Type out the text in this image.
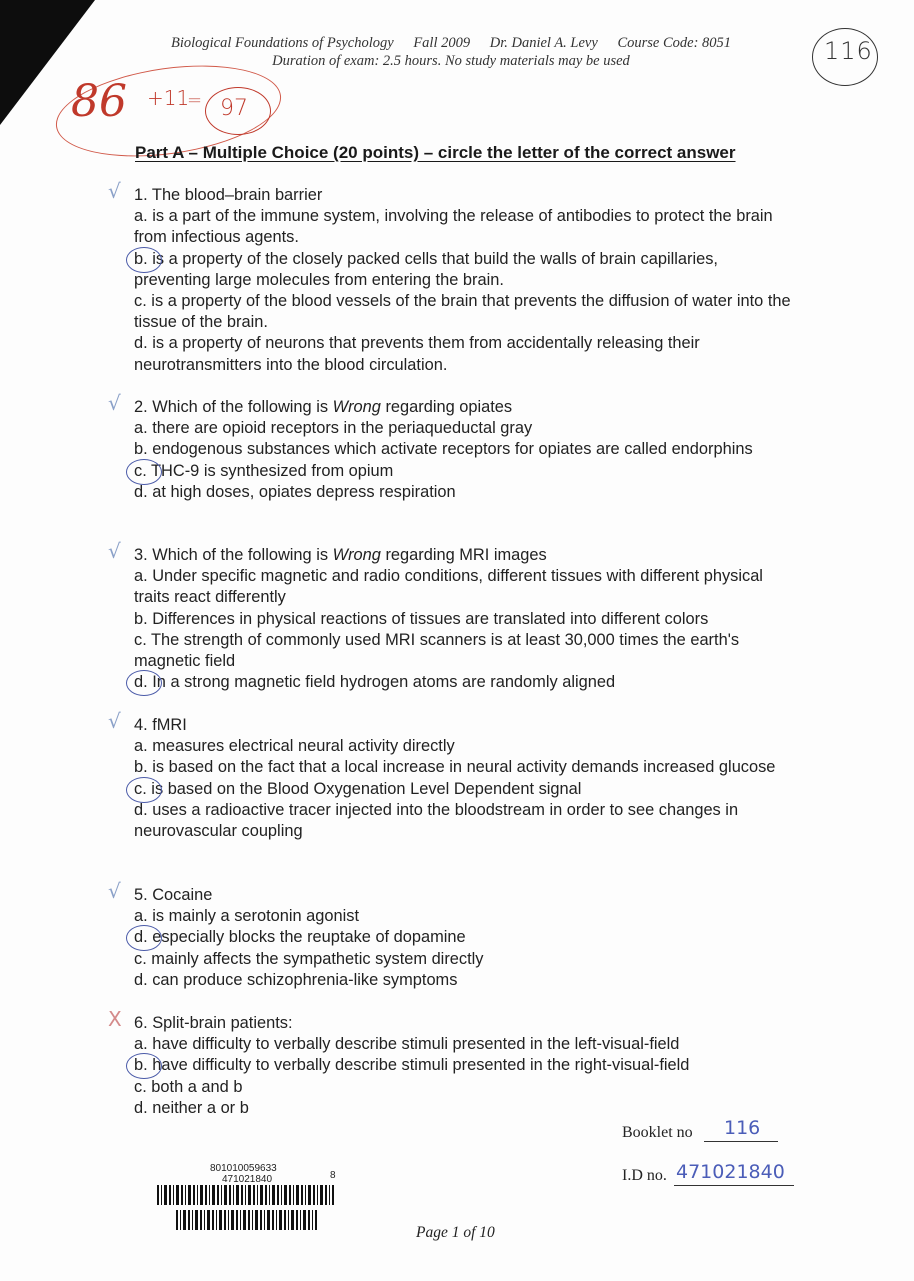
Biological Foundations of Psychology Fall 2009 Dr. Daniel A. Levy Course Code: 8051
Duration of exam: 2.5 hours. No study materials may be used	116
86 +11
= 97
Part A – Multiple Choice (20 points) – circle the letter of the correct answer
√ 1. The blood–brain barrier

a. is a part of the immune system, involving the release of antibodies to protect the brain from infectious agents.

b. is a property of the closely packed cells that build the walls of brain capillaries, preventing large molecules from entering the brain.

c. is a property of the blood vessels of the brain that prevents the diffusion of water into the tissue of the brain.

d. is a property of neurons that prevents them from accidentally releasing their neurotransmitters into the blood circulation.

√ 2. Which of the following is Wrong regarding opiates

a. there are opioid receptors in the periaqueductal gray

b. endogenous substances which activate receptors for opiates are called endorphins

c. THC-9 is synthesized from opium

d. at high doses, opiates depress respiration

√ 3. Which of the following is Wrong regarding MRI images

a. Under specific magnetic and radio conditions, different tissues with different physical traits react differently

b. Differences in physical reactions of tissues are translated into different colors

c. The strength of commonly used MRI scanners is at least 30,000 times the earth's magnetic field

d. In a strong magnetic field hydrogen atoms are randomly aligned

√ 4. fMRI

a. measures electrical neural activity directly

b. is based on the fact that a local increase in neural activity demands increased glucose

c. is based on the Blood Oxygenation Level Dependent signal

d. uses a radioactive tracer injected into the bloodstream in order to see changes in neurovascular coupling

√ 5. Cocaine

a. is mainly a serotonin agonist

d. especially blocks the reuptake of dopamine

c. mainly affects the sympathetic system directly

d. can produce schizophrenia-like symptoms

X 6. Split-brain patients:

a. have difficulty to verbally describe stimuli presented in the left-visual-field

b. have difficulty to verbally describe stimuli presented in the right-visual-field

c. both a and b

d. neither a or b

Booklet no 116
I.D no. 471021840
801010059633
471021840	8
Page 1 of 10
